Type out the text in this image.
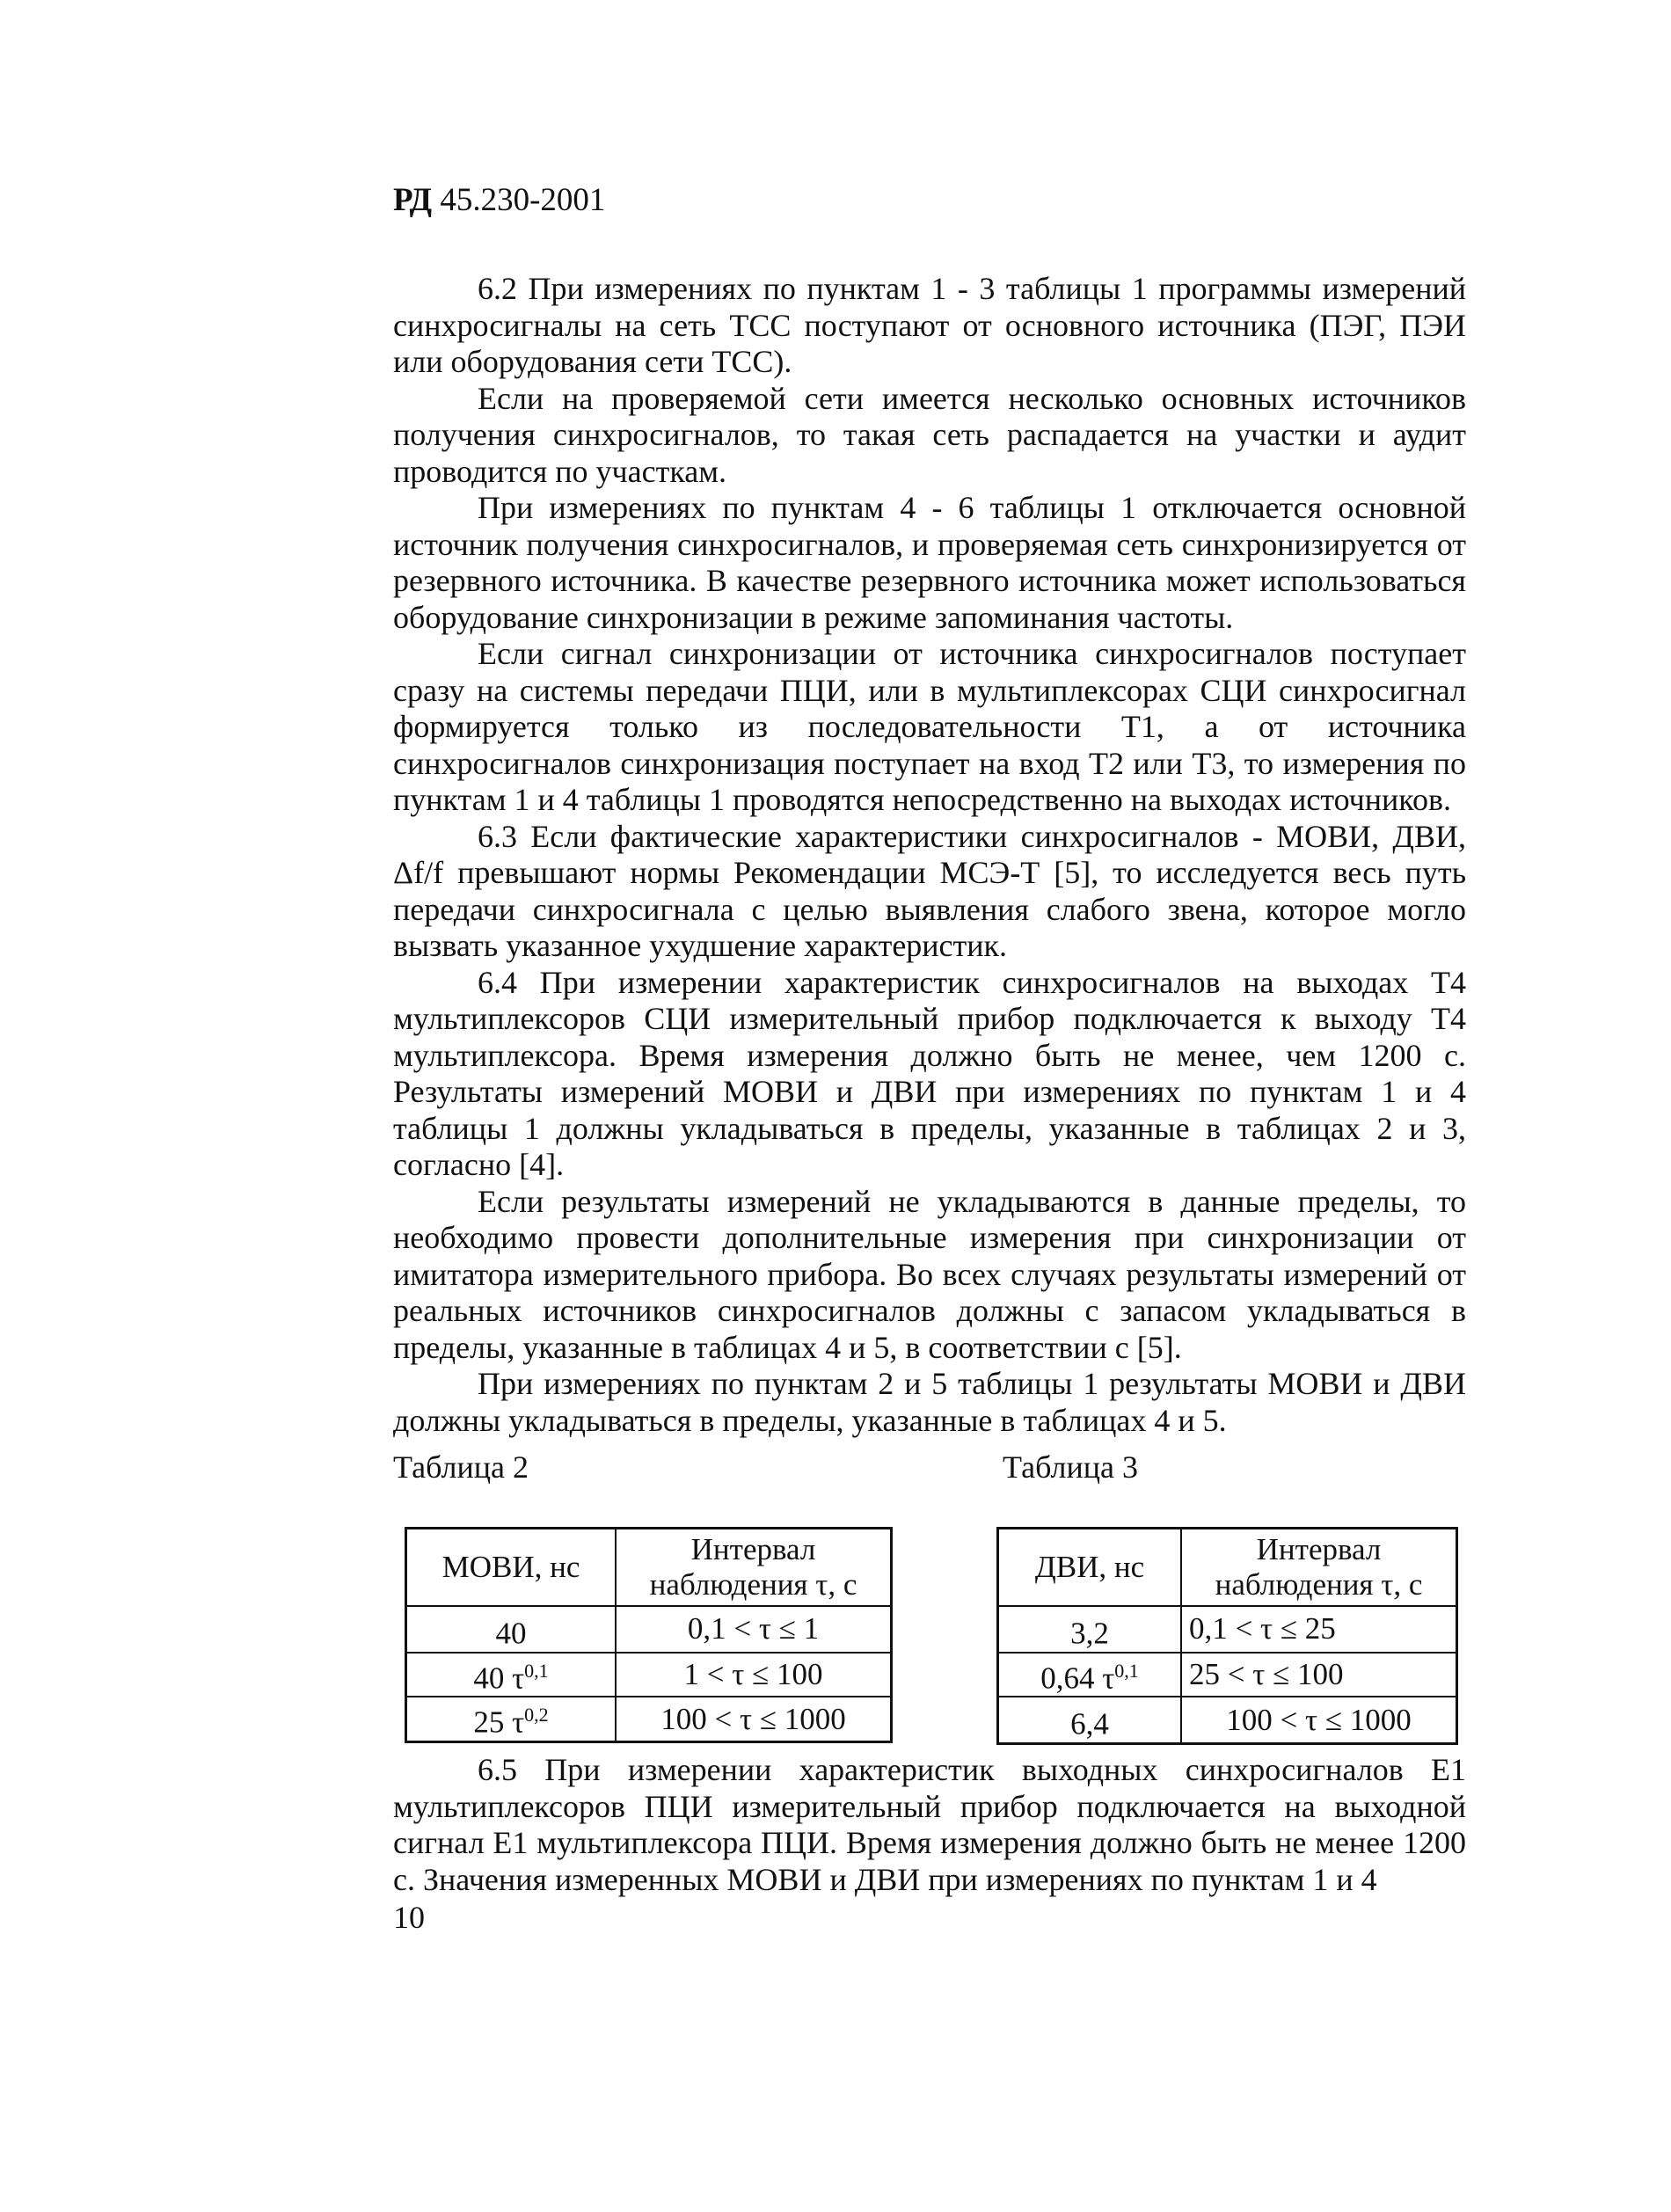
РД 45.230-2001

6.2 При измерениях по пунктам 1 - 3 таблицы 1 программы измерений синхросигналы на сеть ТСС поступают от основного источника (ПЭГ, ПЭИ или оборудования сети ТСС).

Если на проверяемой сети имеется несколько основных источников получения синхросигналов, то такая сеть распадается на участки и аудит проводится по участкам.

При измерениях по пунктам 4 - 6 таблицы 1 отключается основной источник получения синхросигналов, и проверяемая сеть синхронизируется от резервного источника. В качестве резервного источника может использоваться оборудование синхронизации в режиме запоминания частоты.

Если сигнал синхронизации от источника синхросигналов поступает сразу на системы передачи ПЦИ, или в мультиплексорах СЦИ синхросигнал формируется только из последовательности Т1, а от источника синхросигналов синхронизация поступает на вход Т2 или Т3, то измерения по пунктам 1 и 4 таблицы 1 проводятся непосредственно на выходах источников.

6.3 Если фактические характеристики синхросигналов - МОВИ, ДВИ, Δf/f превышают нормы Рекомендации МСЭ-Т [5], то исследуется весь путь передачи синхросигнала с целью выявления слабого звена, которое могло вызвать указанное ухудшение характеристик.

6.4 При измерении характеристик синхросигналов на выходах Т4 мультиплексоров СЦИ измерительный прибор подключается к выходу Т4 мультиплексора. Время измерения должно быть не менее, чем 1200 с. Результаты измерений МОВИ и ДВИ при измерениях по пунктам 1 и 4 таблицы 1 должны укладываться в пределы, указанные в таблицах 2 и 3, согласно [4].

Если результаты измерений не укладываются в данные пределы, то необходимо провести дополнительные измерения при синхронизации от имитатора измерительного прибора. Во всех случаях результаты измерений от реальных источников синхросигналов должны с запасом укладываться в пределы, указанные в таблицах 4 и 5, в соответствии с [5].

При измерениях по пунктам 2 и 5 таблицы 1 результаты МОВИ и ДВИ должны укладываться в пределы, указанные в таблицах 4 и 5.

Таблица 2	Таблица 3
МОВИ, нс	Интервал
наблюдения τ, с
40	0,1 < τ ≤ 1
40 $\tau^{0,1}$	1 < τ ≤ 100
25 $\tau^{0,2}$	100 < τ ≤ 1000
ДВИ, нс	Интервал
наблюдения τ, с
3,2	0,1 < τ ≤ 25
0,64 $\tau^{0,1}$	25 < τ ≤ 100
6,4	100 < τ ≤ 1000
6.5 При измерении характеристик выходных синхросигналов Е1 мультиплексоров ПЦИ измерительный прибор подключается на выходной сигнал Е1 мультиплексора ПЦИ. Время измерения должно быть не менее 1200 с. Значения измеренных МОВИ и ДВИ при измерениях по пунктам 1 и 4
10
